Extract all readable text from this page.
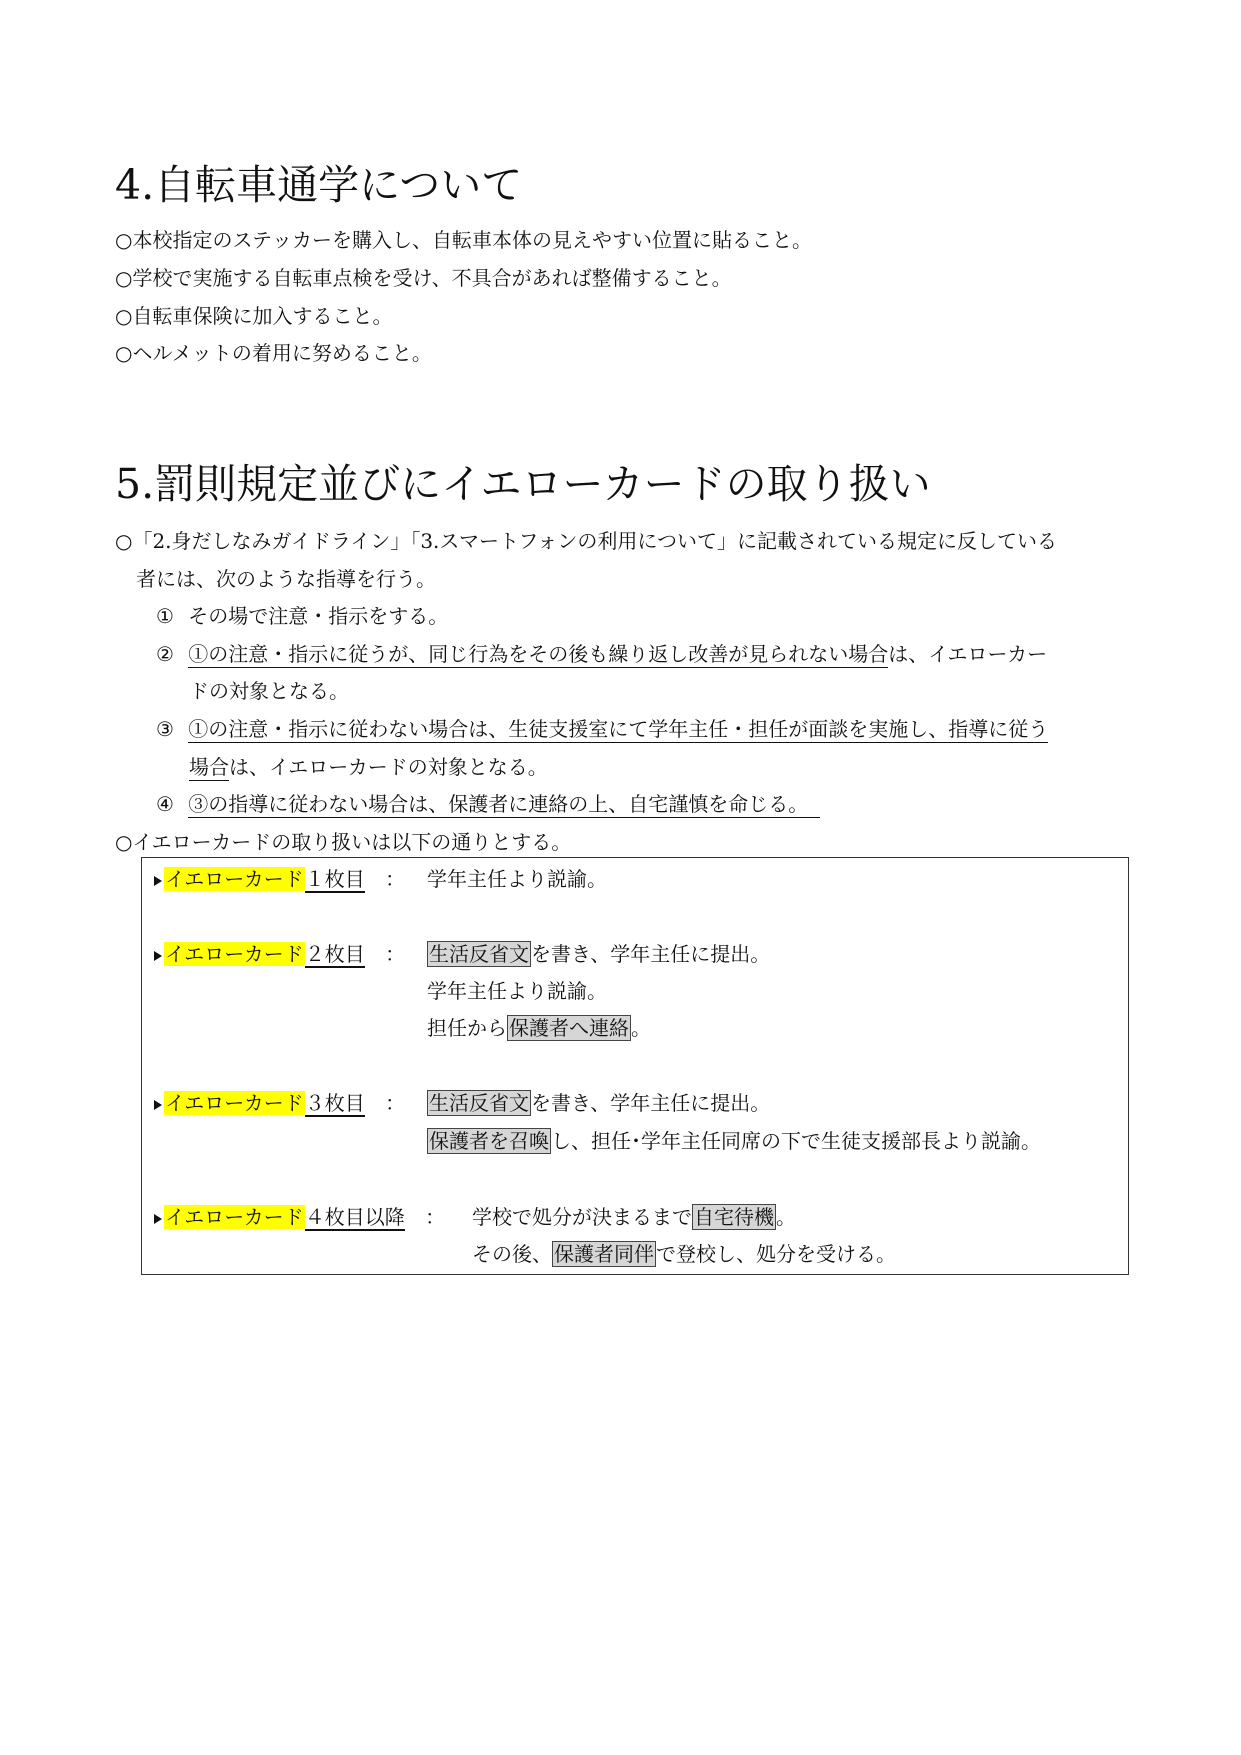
4.自転車通学について
○本校指定のステッカーを購入し、自転車本体の見えやすい位置に貼ること。
○学校で実施する自転車点検を受け、不具合があれば整備すること。
○自転車保険に加入すること。
○ヘルメットの着用に努めること。
5.罰則規定並びにイエローカードの取り扱い
○「2.身だしなみガイドライン」「3.スマートフォンの利用について」に記載されている規定に反している
者には、次のような指導を行う。
① その場で注意・指示をする。
② ①の注意・指示に従うが、同じ行為をその後も繰り返し改善が見られない場合は、イエローカー
ドの対象となる。
③ ①の注意・指示に従わない場合は、生徒支援室にて学年主任・担任が面談を実施し、指導に従う
場合は、イエローカードの対象となる。
④ ③の指導に従わない場合は、保護者に連絡の上、自宅謹慎を命じる。
○イエローカードの取り扱いは以下の通りとする。
イエローカード１枚目 ：	学年主任より説諭。
イエローカード２枚目 ：	生活反省文 を書き、学年主任に提出。
学年主任より説諭。
担任から 保護者へ連絡 。
イエローカード３枚目 ：	生活反省文 を書き、学年主任に提出。
保護者を召喚 し、担任･学年主任同席の下で生徒支援部長より説諭。
イエローカード４枚目以降 ：	学校で処分が決まるまで 自宅待機 。
その後、 保護者同伴 で登校し、処分を受ける。
